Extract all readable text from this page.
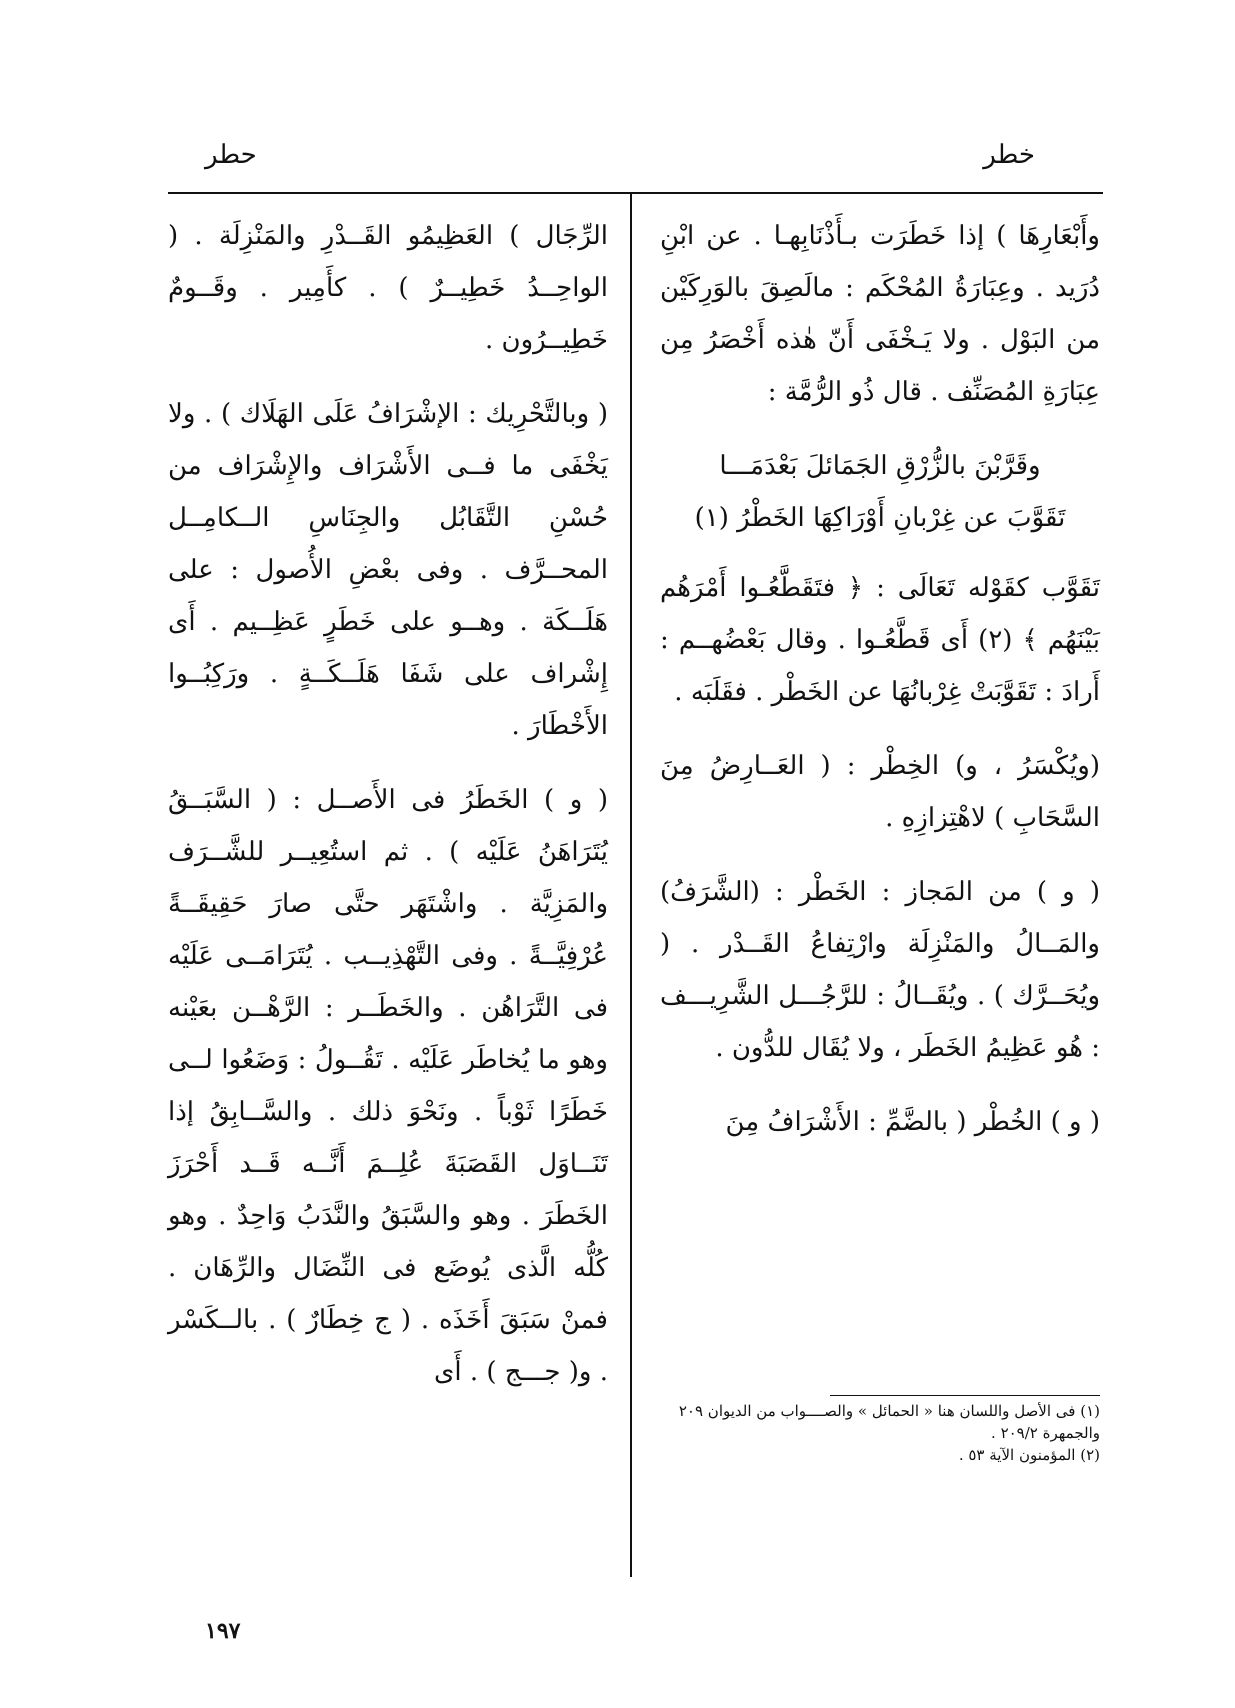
خطر
حطر

وأَبْعَارِهَا ) إذا خَطَرَت بـأَذْنَابِهـا . عن ابْنِ دُرَيد . وعِبَارَةُ المُحْكَم : مالَصِقَ بالوَرِكَيْن من البَوْل . ولا يَـخْفَى أَنّ هٰذه أَخْصَرُ مِن عِبَارَةِ المُصَنِّف . قال ذُو الرُّمَّة :

وقَرَّبْنَ بالزُّرْقِ الجَمَائلَ بَعْدَمَـــا
تَقَوَّبَ عن غِرْبانِ أَوْرَاكِهَا الخَطْرُ (١)

تَقَوَّب كقَوْله تَعَالَى : ﴿ فتَقَطَّعُـوا أَمْرَهُم بَيْنَهُم ﴾ (٢) أَى قَطَّعُـوا . وقال بَعْضُهــم : أَرادَ : تَقَوَّبَتْ غِرْبانُهَا عن الخَطْر . فقَلَبَه .

(ويُكْسَرُ ، و) الخِطْر : ( العَــارِضُ مِنَ السَّحَابِ ) لاهْتِزازِهِ .

( و ) من المَجاز : الخَطْر : (الشَّرَفُ) والمَــالُ والمَنْزِلَة وارْتِفاعُ القَــدْر . ( ويُحَــرَّك ) . ويُقَــالُ : للرَّجُـــل الشَّرِيـــف : هُو عَظِيمُ الخَطَر ، ولا يُقَال للدُّون .

( و ) الخُطْر ( بالضَّمِّ : الأَشْرَافُ مِنَ

الرِّجَال ) العَظِيمُو القَــدْرِ والمَنْزِلَة . ( الواحِــدُ خَطِيــرٌ ) . كأَمِير . وقَــومٌ خَطِيــرُون .

( وبالتَّحْرِيك : الإشْرَافُ عَلَى الهَلَاك ) . ولا يَخْفَى ما فــى الأَشْرَاف والإِشْرَاف من حُسْنِ التَّقَابُل والجِنَاسِ الــكامِــل المحــرَّف . وفى بعْضِ الأُصول : على هَلَــكَة . وهــو على خَطَرٍ عَظِــيم . أَى إِشْراف على شَفَا هَلَــكَــةٍ . ورَكِبُــوا الأَخْطَارَ .

( و ) الخَطَرُ فى الأَصــل : ( السَّبَــقُ يُتَرَاهَنُ عَلَيْه ) . ثم استُعِيــر للشَّــرَف والمَزِيَّة . واشْتَهَر حتَّى صارَ حَقِيقَــةً عُرْفِيَّــةً . وفى التَّهْذِيــب . يُتَرَامَــى عَلَيْه فى التَّرَاهُن . والخَطَــر : الرَّهْــن بعَيْنه وهو ما يُخاطَر عَلَيْه . تَقُــولُ : وَضَعُوا لــى خَطَرًا ثَوْباً . ونَحْوَ ذلك . والسَّــابِقُ إذا تَنَــاوَل القَصَبَةَ عُلِــمَ أَنَّــه قَــد أَحْرَزَ الخَطَرَ . وهو والسَّبَقُ والنَّدَبُ وَاحِدٌ . وهو كُلُّه الَّذى يُوضَع فى النِّضَال والرِّهَان . فمنْ سَبَقَ أَخَذَه . ( ج خِطَارٌ ) . بالــكَسْر . و( جـــج ) . أَى

(١) فى الأصل واللسان هنا « الحمائل » والصــــواب من الديوان ٢٠٩ والجمهرة ٢٠٩/٢ .
(٢) المؤمنون الآية ٥٣ .
١٩٧
